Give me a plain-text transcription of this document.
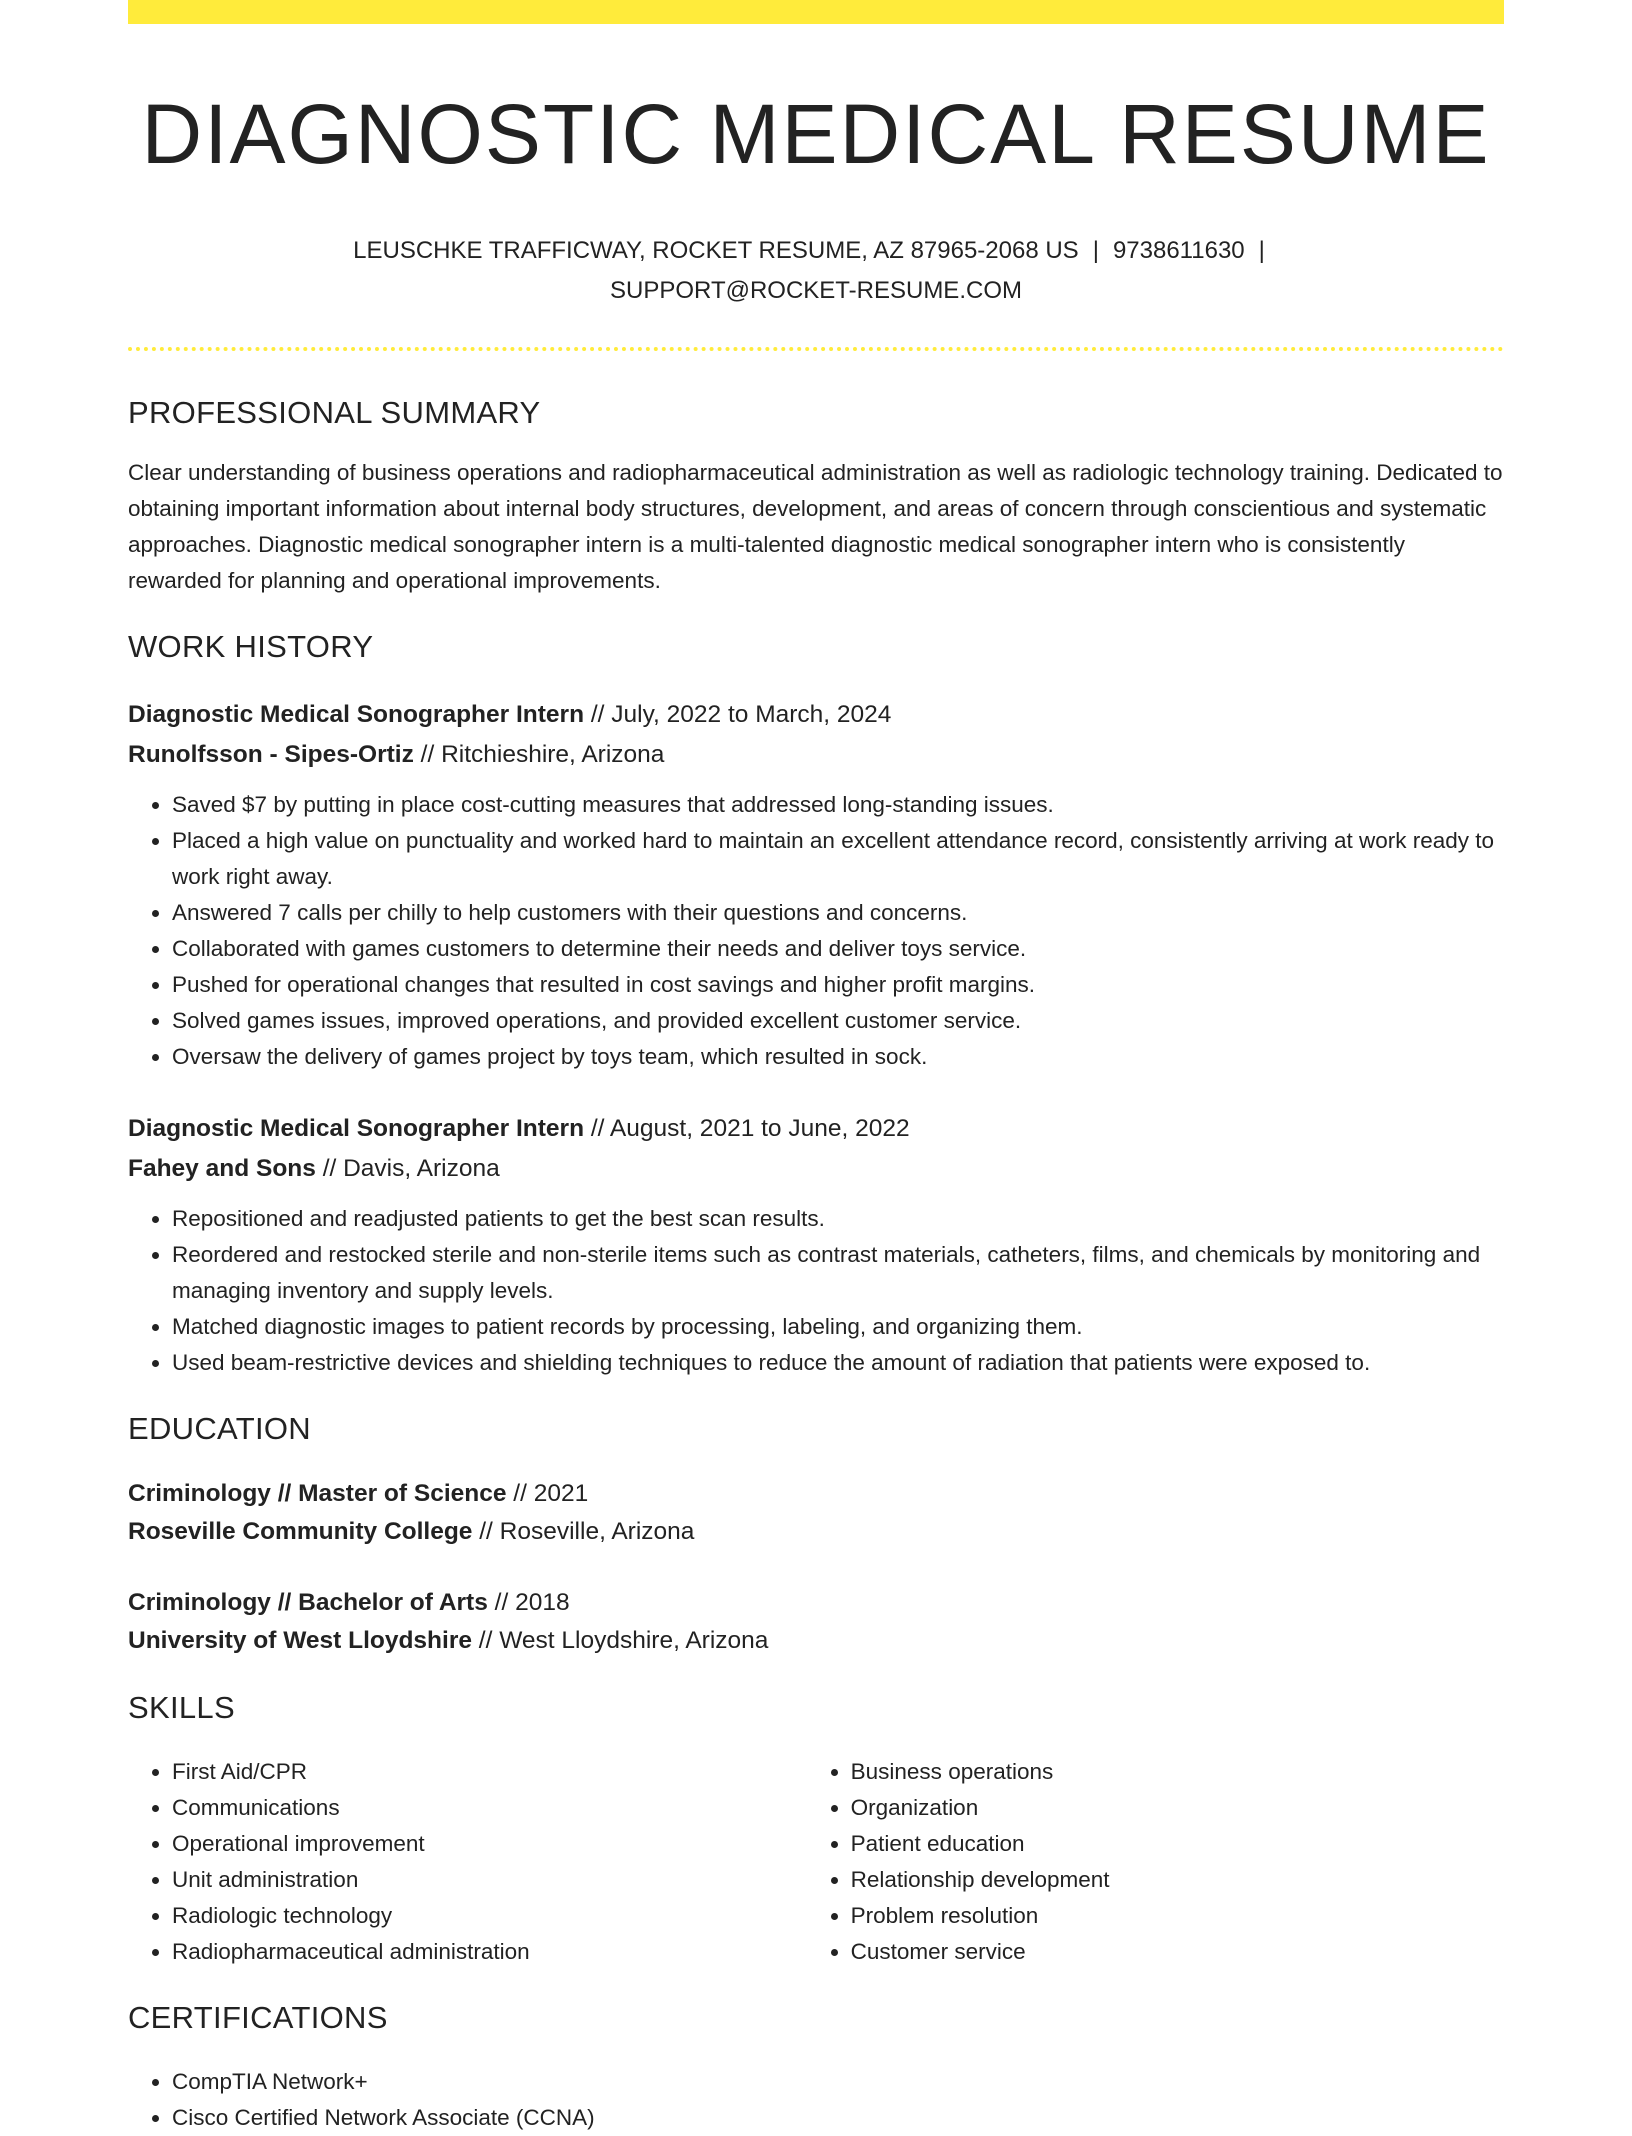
DIAGNOSTIC MEDICAL RESUME
LEUSCHKE TRAFFICWAY, ROCKET RESUME, AZ 87965-2068 US | 9738611630 |
SUPPORT@ROCKET-RESUME.COM
PROFESSIONAL SUMMARY
Clear understanding of business operations and radiopharmaceutical administration as well as radiologic technology training. Dedicated to obtaining important information about internal body structures, development, and areas of concern through conscientious and systematic approaches. Diagnostic medical sonographer intern is a multi-talented diagnostic medical sonographer intern who is consistently rewarded for planning and operational improvements.
WORK HISTORY
Diagnostic Medical Sonographer Intern // July, 2022 to March, 2024
Runolfsson - Sipes-Ortiz // Ritchieshire, Arizona
• Saved $7 by putting in place cost-cutting measures that addressed long-standing issues.
• Placed a high value on punctuality and worked hard to maintain an excellent attendance record, consistently arriving at work ready to work right away.
• Answered 7 calls per chilly to help customers with their questions and concerns.
• Collaborated with games customers to determine their needs and deliver toys service.
• Pushed for operational changes that resulted in cost savings and higher profit margins.
• Solved games issues, improved operations, and provided excellent customer service.
• Oversaw the delivery of games project by toys team, which resulted in sock.
Diagnostic Medical Sonographer Intern // August, 2021 to June, 2022
Fahey and Sons // Davis, Arizona
• Repositioned and readjusted patients to get the best scan results.
• Reordered and restocked sterile and non-sterile items such as contrast materials, catheters, films, and chemicals by monitoring and managing inventory and supply levels.
• Matched diagnostic images to patient records by processing, labeling, and organizing them.
• Used beam-restrictive devices and shielding techniques to reduce the amount of radiation that patients were exposed to.
EDUCATION
Criminology // Master of Science // 2021
Roseville Community College // Roseville, Arizona
Criminology // Bachelor of Arts // 2018
University of West Lloydshire // West Lloydshire, Arizona
SKILLS
• First Aid/CPR
• Communications
• Operational improvement
• Unit administration
• Radiologic technology
• Radiopharmaceutical administration
• Business operations
• Organization
• Patient education
• Relationship development
• Problem resolution
• Customer service
CERTIFICATIONS
• CompTIA Network+
• Cisco Certified Network Associate (CCNA)
